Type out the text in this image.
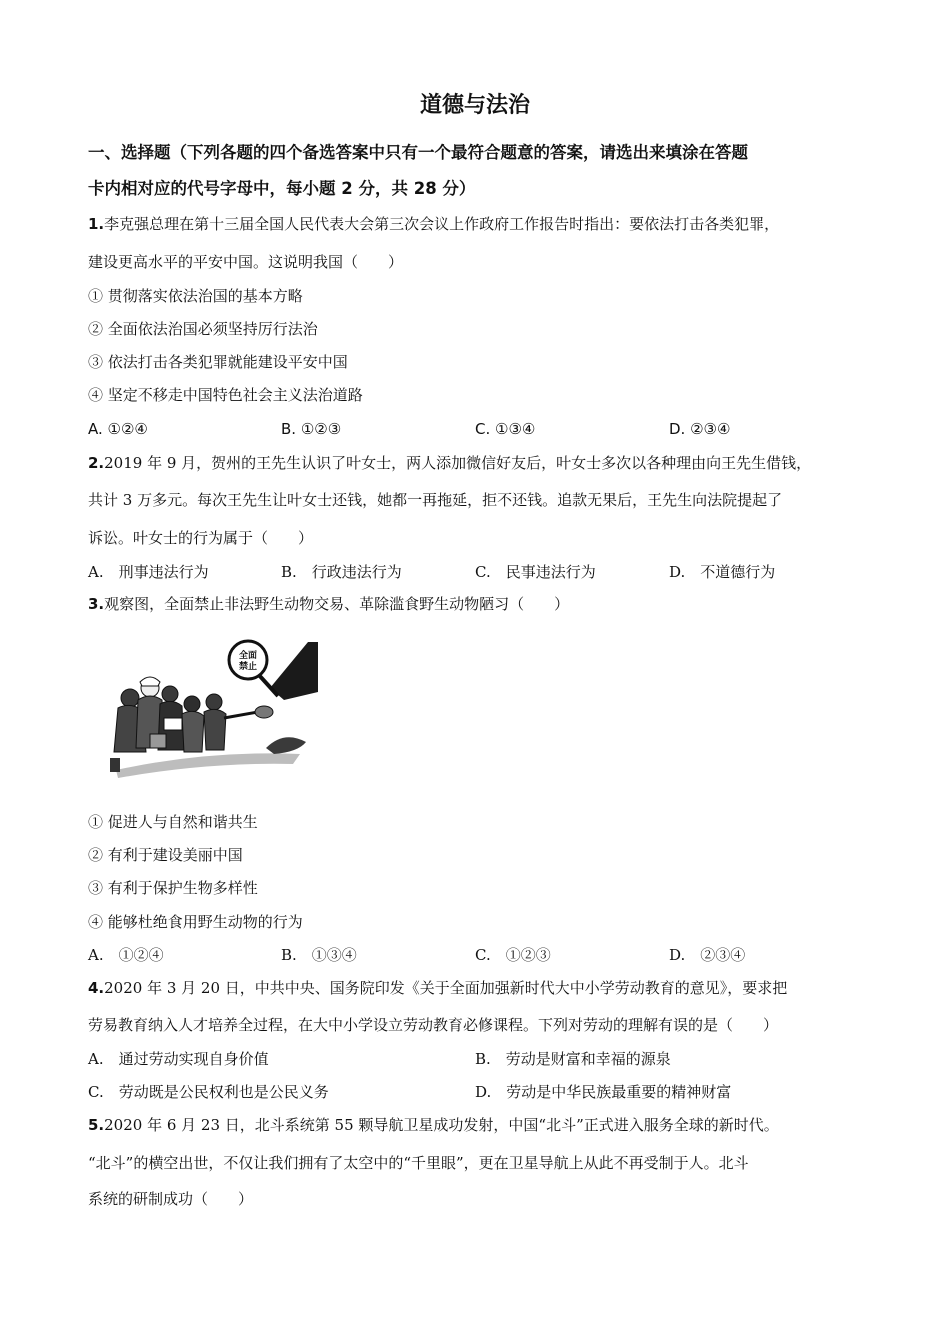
道德与法治
一、选择题（下列各题的四个备选答案中只有一个最符合题意的答案，请选出来填涂在答题
卡内相对应的代号字母中，每小题 2 分，共 28 分）
1.李克强总理在第十三届全国人民代表大会第三次会议上作政府工作报告时指出：要依法打击各类犯罪，
建设更高水平的平安中国。这说明我国（　　）
① 贯彻落实依法治国的基本方略
② 全面依法治国必须坚持厉行法治
③ 依法打击各类犯罪就能建设平安中国
④ 坚定不移走中国特色社会主义法治道路
A. ①②④	B. ①②③	C. ①③④	D. ②③④
2.2019 年 9 月，贺州的王先生认识了叶女士，两人添加微信好友后，叶女士多次以各种理由向王先生借钱，
共计 3 万多元。每次王先生让叶女士还钱，她都一再拖延，拒不还钱。追款无果后，王先生向法院提起了
诉讼。叶女士的行为属于（　　）
A.　刑事违法行为	B.　行政违法行为	C.　民事违法行为	D.　不道德行为
3.观察图，全面禁止非法野生动物交易、革除滥食野生动物陋习（　　）
全面禁止
① 促进人与自然和谐共生
② 有利于建设美丽中国
③ 有利于保护生物多样性
④ 能够杜绝食用野生动物的行为
A.　①②④	B.　①③④	C.　①②③	D.　②③④
4.2020 年 3 月 20 日，中共中央、国务院印发《关于全面加强新时代大中小学劳动教育的意见》，要求把
劳易教育纳入人才培养全过程，在大中小学设立劳动教育必修课程。下列对劳动的理解有误的是（　　）
A.　通过劳动实现自身价值	B.　劳动是财富和幸福的源泉
C.　劳动既是公民权利也是公民义务	D.　劳动是中华民族最重要的精神财富
5.2020 年 6 月 23 日，北斗系统第 55 颗导航卫星成功发射，中国“北斗”正式进入服务全球的新时代。
“北斗”的横空出世，不仅让我们拥有了太空中的“千里眼”，更在卫星导航上从此不再受制于人。北斗
系统的研制成功（　　）
